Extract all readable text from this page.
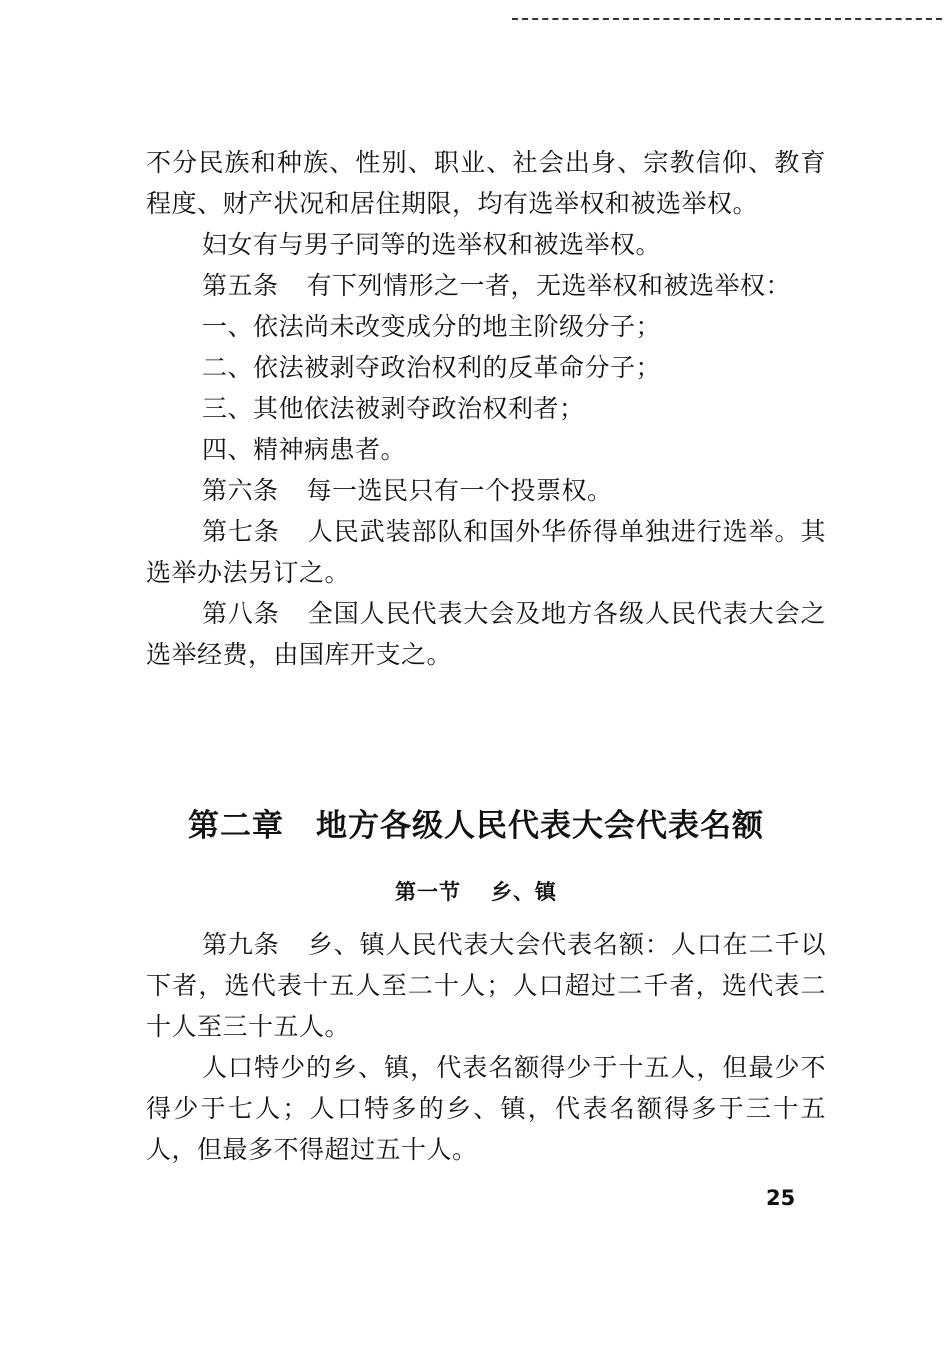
不分民族和种族、性别、职业、社会出身、宗教信仰、教育程度、财产状况和居住期限，均有选举权和被选举权。

妇女有与男子同等的选举权和被选举权。

第五条 有下列情形之一者，无选举权和被选举权：

一、依法尚未改变成分的地主阶级分子；

二、依法被剥夺政治权利的反革命分子；

三、其他依法被剥夺政治权利者；

四、精神病患者。

第六条 每一选民只有一个投票权。

第七条 人民武装部队和国外华侨得单独进行选举。其选举办法另订之。

第八条 全国人民代表大会及地方各级人民代表大会之选举经费，由国库开支之。

第二章 地方各级人民代表大会代表名额
第一节 乡、镇

第九条 乡、镇人民代表大会代表名额：人口在二千以下者，选代表十五人至二十人；人口超过二千者，选代表二十人至三十五人。

人口特少的乡、镇，代表名额得少于十五人，但最少不得少于七人；人口特多的乡、镇，代表名额得多于三十五人，但最多不得超过五十人。

25
